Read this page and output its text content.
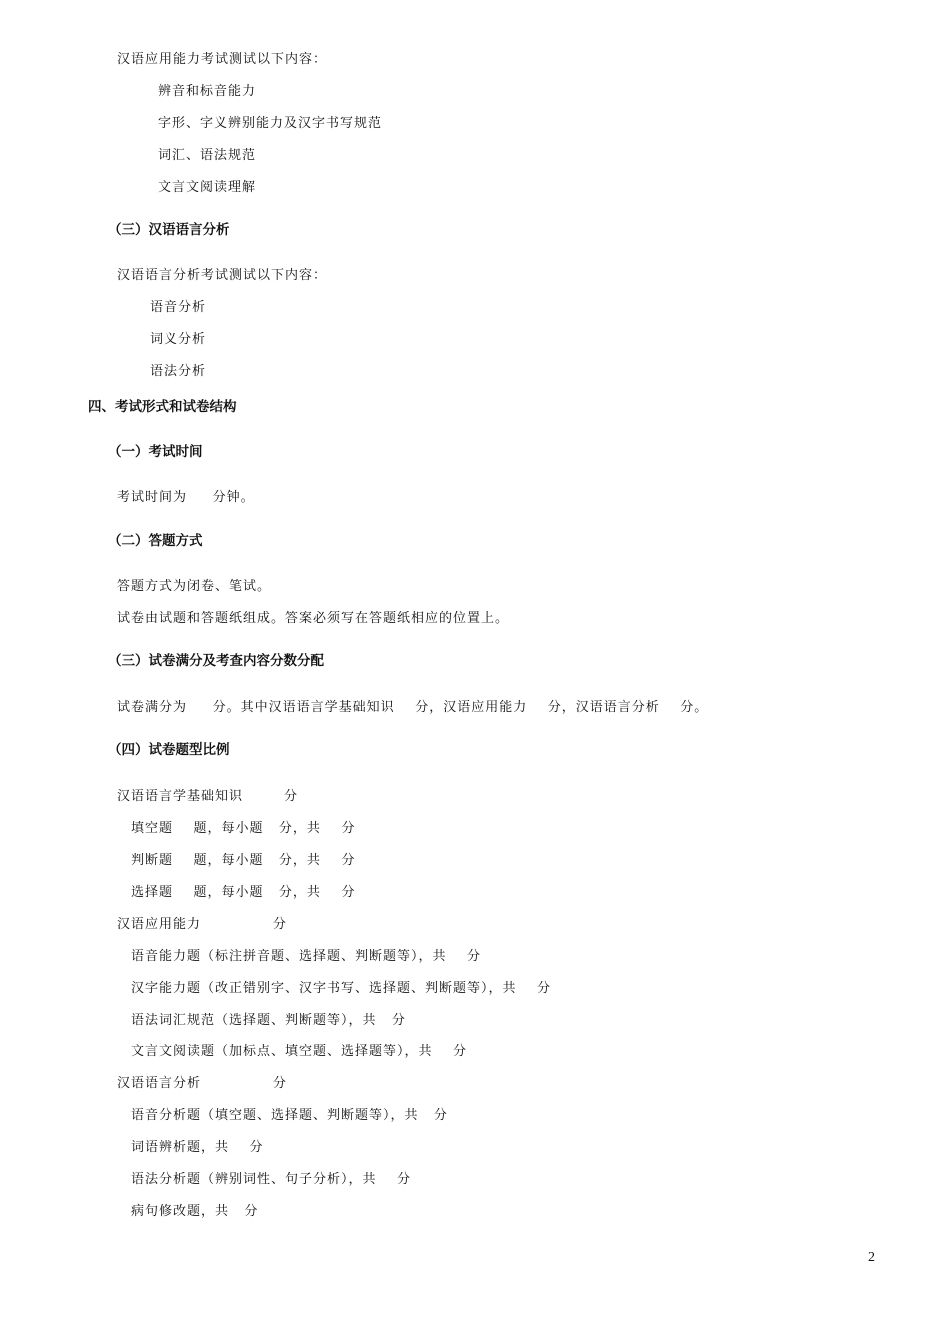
汉语应用能力考试测试以下内容：
辨音和标音能力
字形、字义辨别能力及汉字书写规范
词汇、语法规范
文言文阅读理解
（三）汉语语言分析
汉语语言分析考试测试以下内容：
语音分析
词义分析
语法分析
四、考试形式和试卷结构
（一）考试时间
考试时间为     分钟。
（二）答题方式
答题方式为闭卷、笔试。
试卷由试题和答题纸组成。答案必须写在答题纸相应的位置上。
（三）试卷满分及考查内容分数分配
试卷满分为     分。其中汉语语言学基础知识    分，汉语应用能力    分，汉语语言分析    分。
（四）试卷题型比例
汉语语言学基础知识        分
填空题    题，每小题   分，共    分
判断题    题，每小题   分，共    分
选择题    题，每小题   分，共    分
汉语应用能力              分
语音能力题（标注拼音题、选择题、判断题等），共    分
汉字能力题（改正错别字、汉字书写、选择题、判断题等），共    分
语法词汇规范（选择题、判断题等），共   分
文言文阅读题（加标点、填空题、选择题等），共    分
汉语语言分析              分
语音分析题（填空题、选择题、判断题等），共   分
词语辨析题，共    分
语法分析题（辨别词性、句子分析），共    分
病句修改题，共   分
2
